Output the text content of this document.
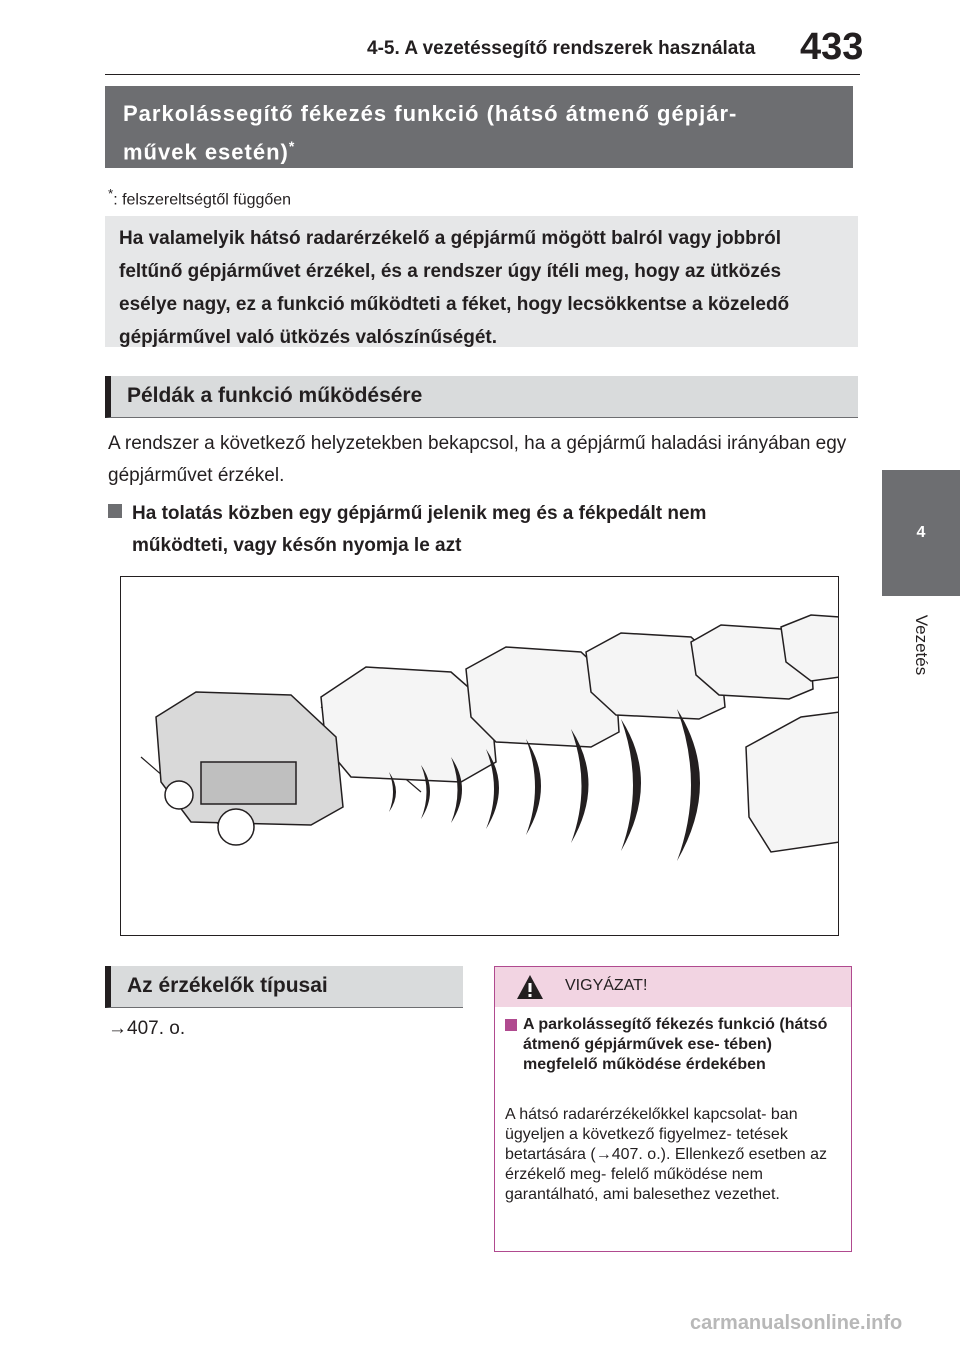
4-5. A vezetéssegítő rendszerek használata 433
4
Vezetés
Parkolássegítő fékezés funkció (hátsó átmenő gépjár-
művek esetén)*
*: felszereltségtől függően
Ha valamelyik hátsó radarérzékelő a gépjármű mögött balról vagy jobbról feltűnő gépjárművet érzékel, és a rendszer úgy ítéli meg, hogy az ütközés esélye nagy, ez a funkció működteti a féket, hogy lecsökkentse a közeledő gépjárművel való ütközés valószínűségét.
Példák a funkció működésére
A rendszer a következő helyzetekben bekapcsol, ha a gépjármű haladási irányában egy gépjárművet érzékel.
Ha tolatás közben egy gépjármű jelenik meg és a fékpedált nem
működteti, vagy későn nyomja le azt
Az érzékelők típusai
→407. o.
VIGYÁZAT!
A parkolássegítő fékezés funkció (hátsó átmenő gépjárművek ese- tében) megfelelő működése érdekében
A hátsó radarérzékelőkkel kapcsolat- ban ügyeljen a következő figyelmez- tetések betartására (→407. o.). Ellenkező esetben az érzékelő meg- felelő működése nem garantálható, ami balesethez vezethet.
carmanualsonline.info
